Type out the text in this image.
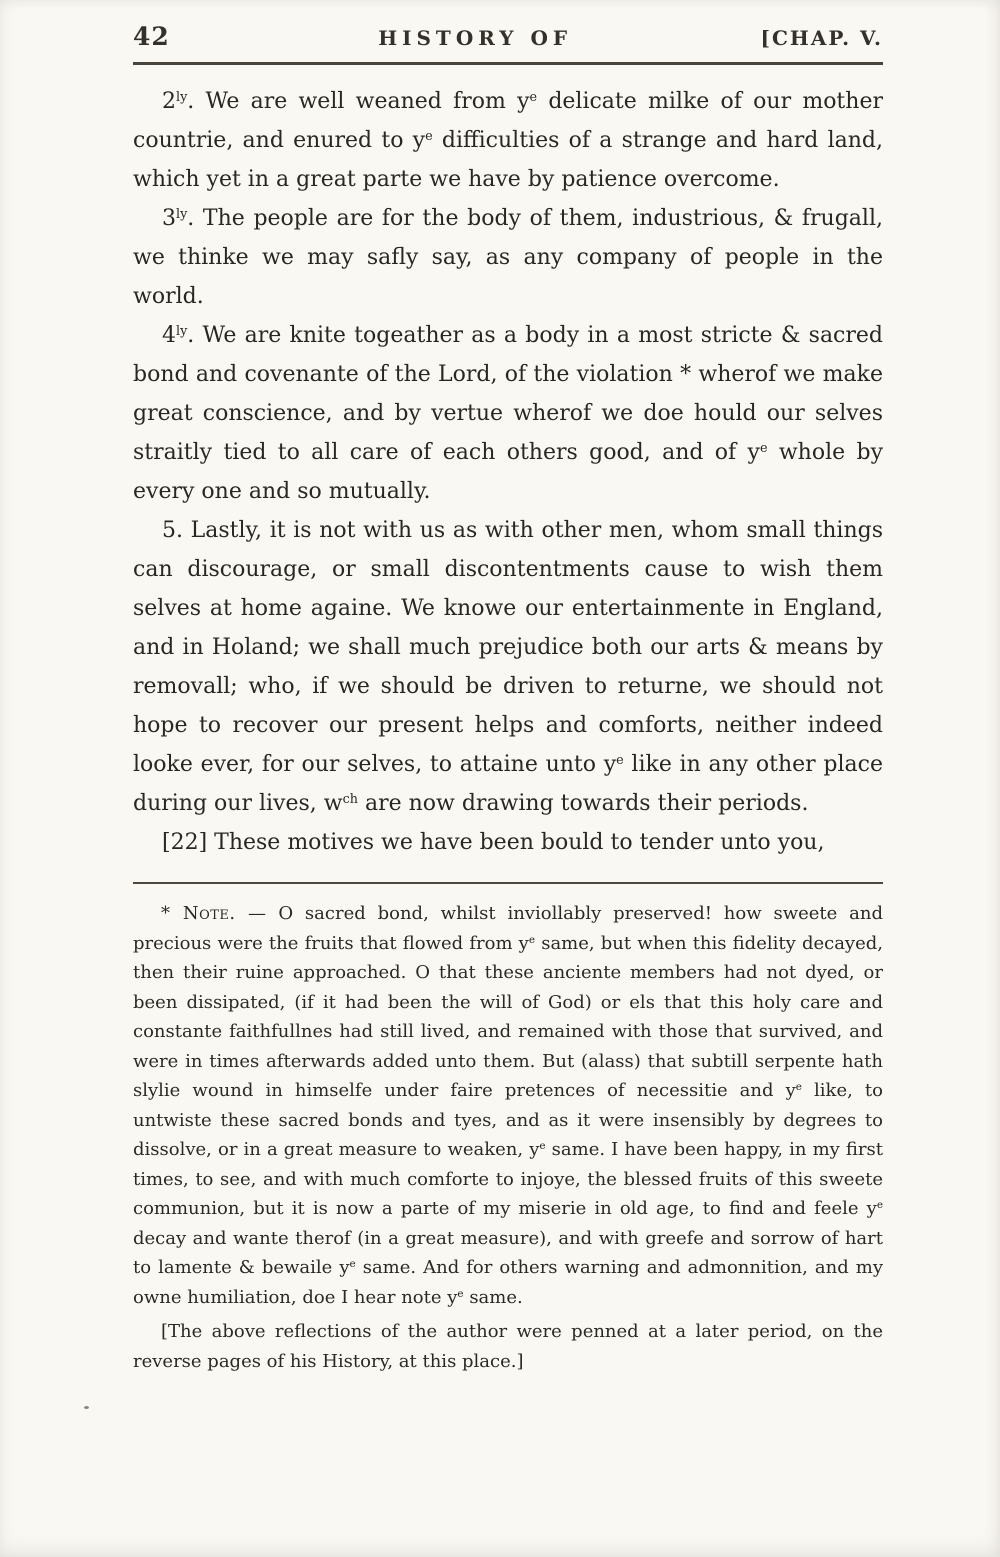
42	HISTORY OF	[CHAP. V.

$2^{ly}$. We are well weaned from $y^e$ delicate milke of our mother countrie, and enured to $y^e$ difficulties of a strange and hard land, which yet in a great parte we have by patience overcome.

$3^{ly}$. The people are for the body of them, industrious, & frugall, we thinke we may safly say, as any company of people in the world.

$4^{ly}$. We are knite togeather as a body in a most stricte & sacred bond and covenante of the Lord, of the violation * wherof we make great conscience, and by vertue wherof we doe hould our selves straitly tied to all care of each others good, and of $y^e$ whole by every one and so mutually.

5. Lastly, it is not with us as with other men, whom small things can discourage, or small discontentments cause to wish them selves at home againe. We knowe our entertainmente in England, and in Holand; we shall much prejudice both our arts & means by removall; who, if we should be driven to returne, we should not hope to recover our present helps and comforts, neither indeed looke ever, for our selves, to attaine unto $y^e$ like in any other place during our lives, $w^{ch}$ are now drawing towards their periods.

[22] These motives we have been bould to tender unto you,

* Note. — O sacred bond, whilst inviollably preserved! how sweete and precious were the fruits that flowed from $y^e$ same, but when this fidelity decayed, then their ruine approached. O that these anciente members had not dyed, or been dissipated, (if it had been the will of God) or els that this holy care and constante faithfullnes had still lived, and remained with those that survived, and were in times afterwards added unto them. But (alass) that subtill serpente hath slylie wound in himselfe under faire pretences of necessitie and $y^e$ like, to untwiste these sacred bonds and tyes, and as it were insensibly by degrees to dissolve, or in a great measure to weaken, $y^e$ same. I have been happy, in my first times, to see, and with much comforte to injoye, the blessed fruits of this sweete communion, but it is now a parte of my miserie in old age, to find and feele $y^e$ decay and wante therof (in a great measure), and with greefe and sorrow of hart to lamente & bewaile $y^e$ same. And for others warning and admonnition, and my owne humiliation, doe I hear note $y^e$ same.

[The above reflections of the author were penned at a later period, on the reverse pages of his History, at this place.]
